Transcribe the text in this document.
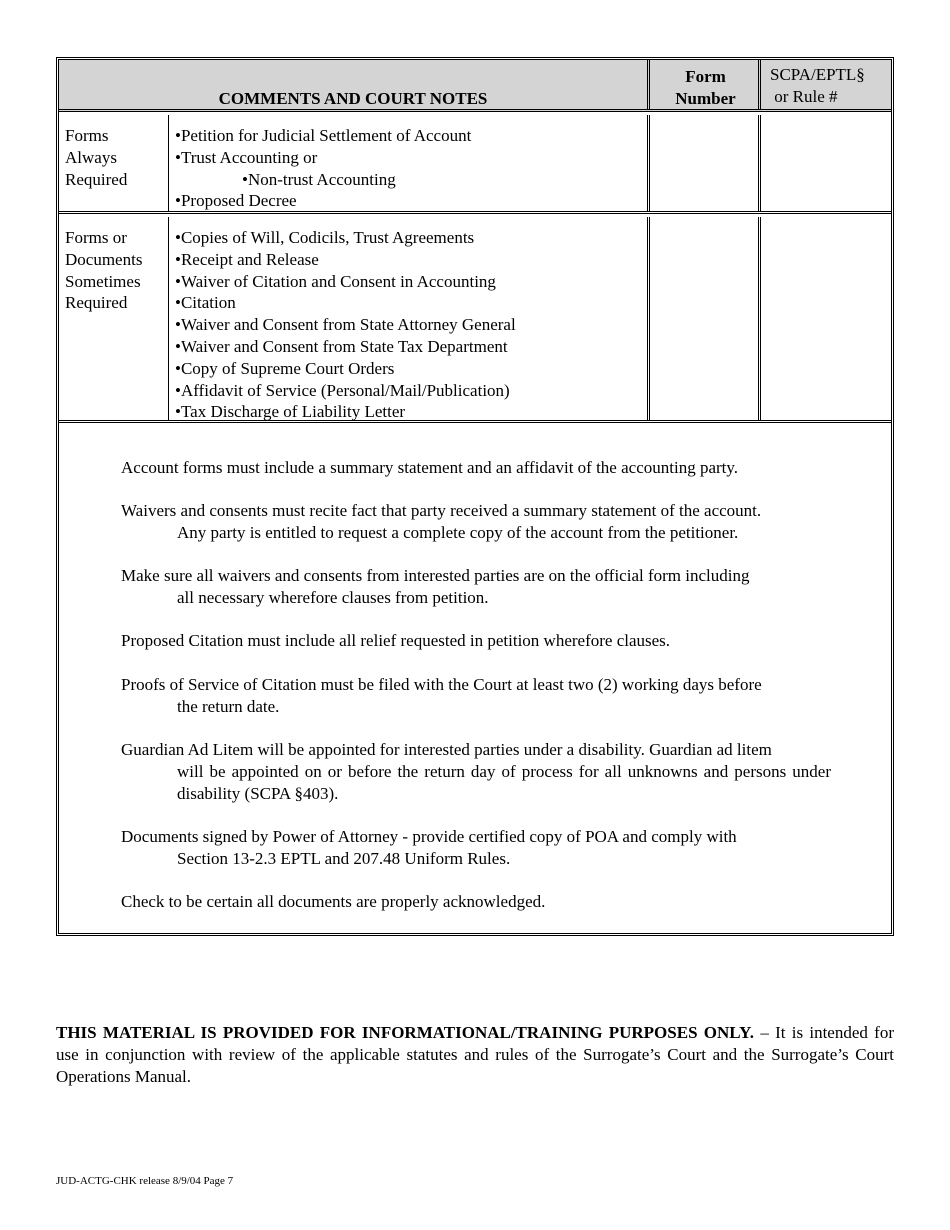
COMMENTS AND COURT NOTES
Form
Number
SCPA/EPTL§
or Rule #
Forms
Always
Required
•Petition for Judicial Settlement of Account
•Trust Accounting or
•Non-trust Accounting
•Proposed Decree
Forms or
Documents
Sometimes
Required
•Copies of Will, Codicils, Trust Agreements
•Receipt and Release
•Waiver of Citation and Consent in Accounting
•Citation
•Waiver and Consent from State Attorney General
•Waiver and Consent from State Tax Department
•Copy of Supreme Court Orders
•Affidavit of Service (Personal/Mail/Publication)
•Tax Discharge of Liability Letter

Account forms must include a summary statement and an affidavit of the accounting party.

Waivers and consents must recite fact that party received a summary statement of the account.
Any party is entitled to request a complete copy of the account from the petitioner.

Make sure all waivers and consents from interested parties are on the official form including
all necessary wherefore clauses from petition.

Proposed Citation must include all relief requested in petition wherefore clauses.

Proofs of Service of Citation must be filed with the Court at least two (2) working days before
the return date.

Guardian Ad Litem will be appointed for interested parties under a disability. Guardian ad litem
will be appointed on or before the return day of process for all unknowns and persons under disability (SCPA §403).

Documents signed by Power of Attorney - provide certified copy of POA and comply with
Section 13-2.3 EPTL and 207.48 Uniform Rules.

Check to be certain all documents are properly acknowledged.

THIS MATERIAL IS PROVIDED FOR INFORMATIONAL/TRAINING PURPOSES ONLY. – It is intended for use in conjunction with review of the applicable statutes and rules of the Surrogate’s Court and the Surrogate’s Court Operations Manual.
JUD-ACTG-CHK release 8/9/04 Page 7
